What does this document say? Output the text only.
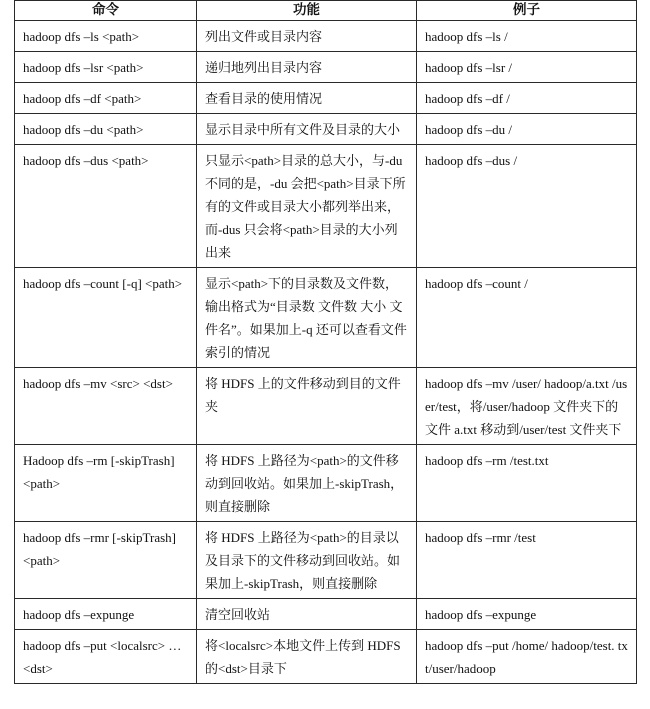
命令	功能	例子
hadoop dfs –ls <path>	列出文件或目录内容	hadoop dfs –ls /
hadoop dfs –lsr <path>	递归地列出目录内容	hadoop dfs –lsr /
hadoop dfs –df <path>	查看目录的使用情况	hadoop dfs –df /
hadoop dfs –du <path>	显示目录中所有文件及目录的大小	hadoop dfs –du /
hadoop dfs –dus <path>	只显示<path>目录的总大小，与-du不同的是，-du 会把<path>目录下所有的文件或目录大小都列举出来，而-dus 只会将<path>目录的大小列出来	hadoop dfs –dus /
hadoop dfs –count [-q] <path>	显示<path>下的目录数及文件数，输出格式为“目录数 文件数 大小 文件名”。如果加上-q 还可以查看文件索引的情况	hadoop dfs –count /
hadoop dfs –mv <src> <dst>	将 HDFS 上的文件移动到目的文件夹	hadoop dfs –mv /user/ hadoop/a.txt /user/test，将/user/hadoop 文件夹下的文件 a.txt 移动到/user/test 文件夹下
Hadoop dfs –rm [-skipTrash] <path>	将 HDFS 上路径为<path>的文件移动到回收站。如果加上-skipTrash，则直接删除	hadoop dfs –rm /test.txt
hadoop dfs –rmr [-skipTrash] <path>	将 HDFS 上路径为<path>的目录以及目录下的文件移动到回收站。如果加上-skipTrash，则直接删除	hadoop dfs –rmr /test
hadoop dfs –expunge	清空回收站	hadoop dfs –expunge
hadoop dfs –put <localsrc> … <dst>	将<localsrc>本地文件上传到 HDFS 的<dst>目录下	hadoop dfs –put /home/ hadoop/test. txt/user/hadoop
